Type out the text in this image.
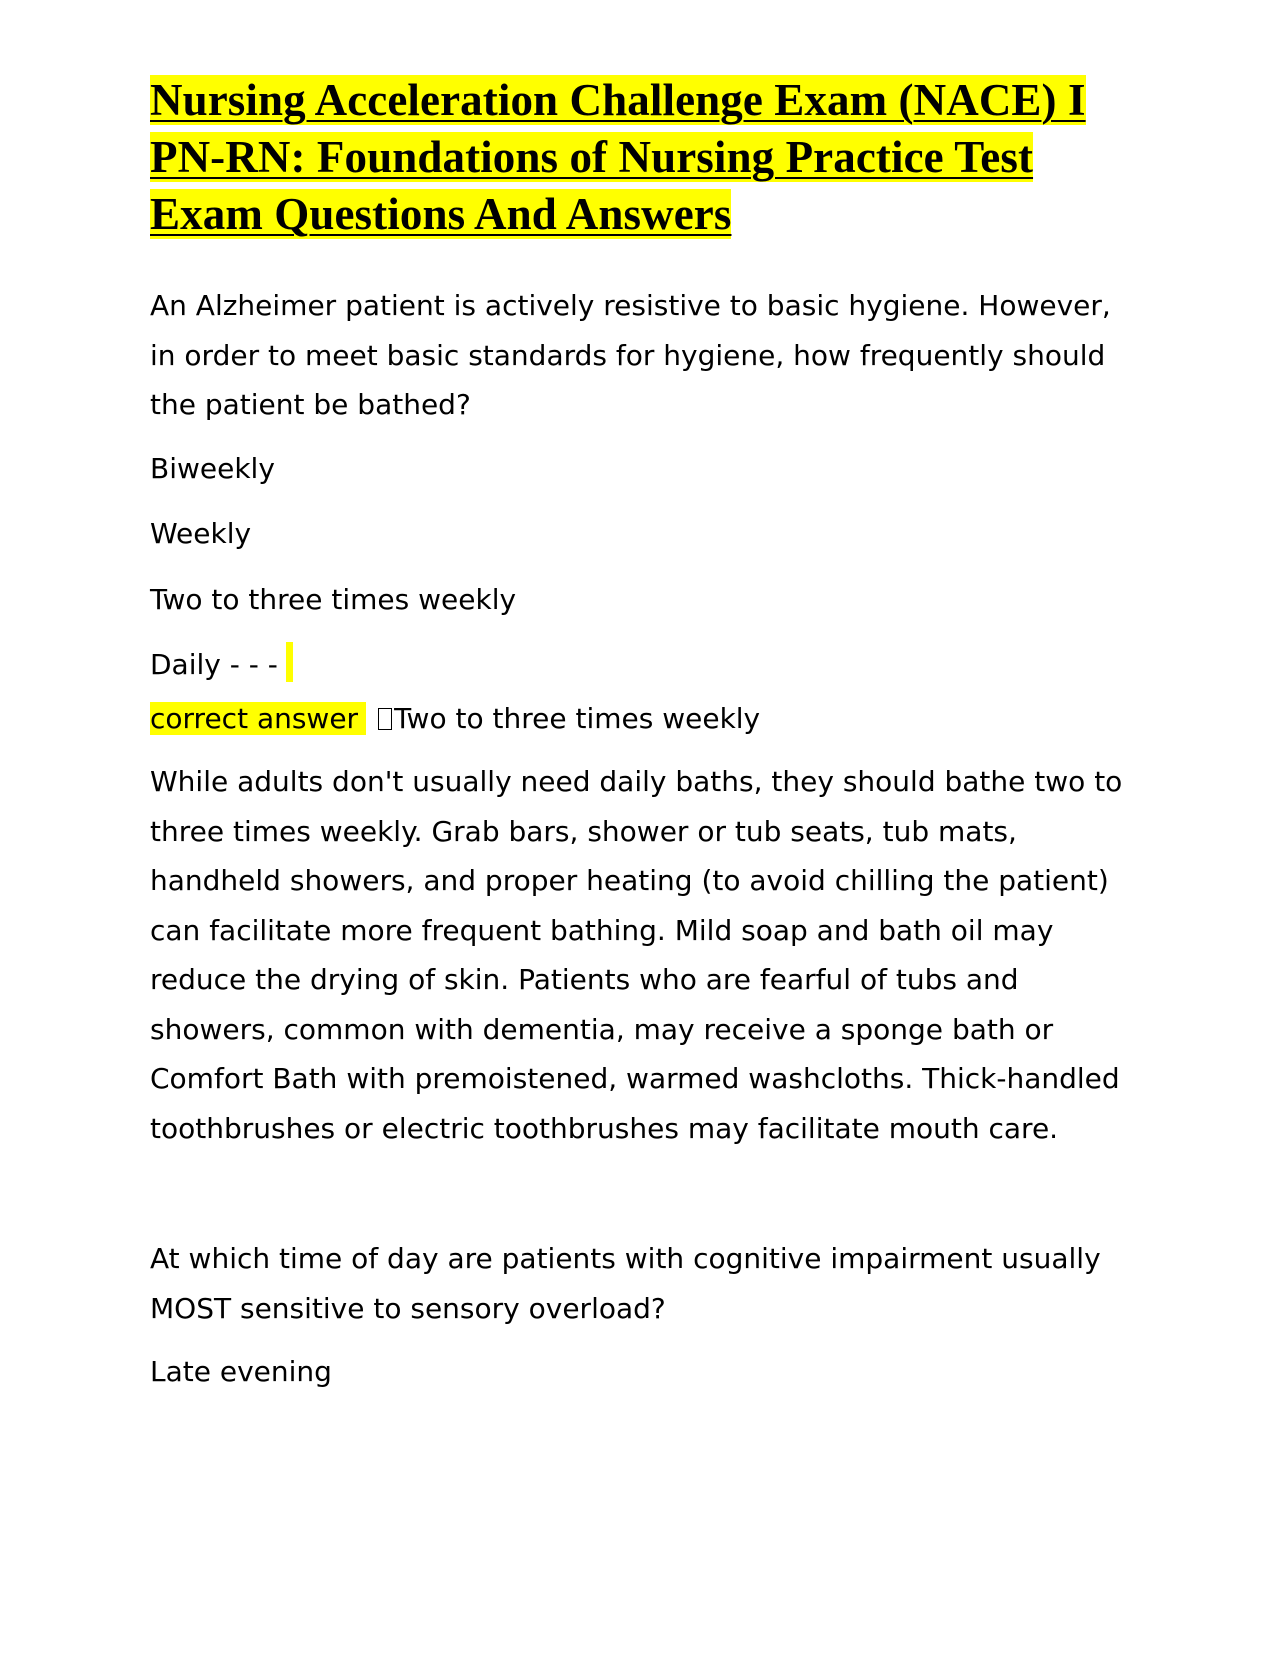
Nursing Acceleration Challenge Exam (NACE) I PN-RN: Foundations of Nursing Practice Test Exam Questions And Answers

An Alzheimer patient is actively resistive to basic hygiene. However, in order to meet basic standards for hygiene, how frequently should the patient be bathed?

Biweekly

Weekly

Two to three times weekly

Daily - - -

correct answer Two to three times weekly

While adults don't usually need daily baths, they should bathe two to three times weekly. Grab bars, shower or tub seats, tub mats, handheld showers, and proper heating (to avoid chilling the patient) can facilitate more frequent bathing. Mild soap and bath oil may reduce the drying of skin. Patients who are fearful of tubs and showers, common with dementia, may receive a sponge bath or Comfort Bath with premoistened, warmed washcloths. Thick-handled toothbrushes or electric toothbrushes may facilitate mouth care.

At which time of day are patients with cognitive impairment usually MOST sensitive to sensory overload?

Late evening
